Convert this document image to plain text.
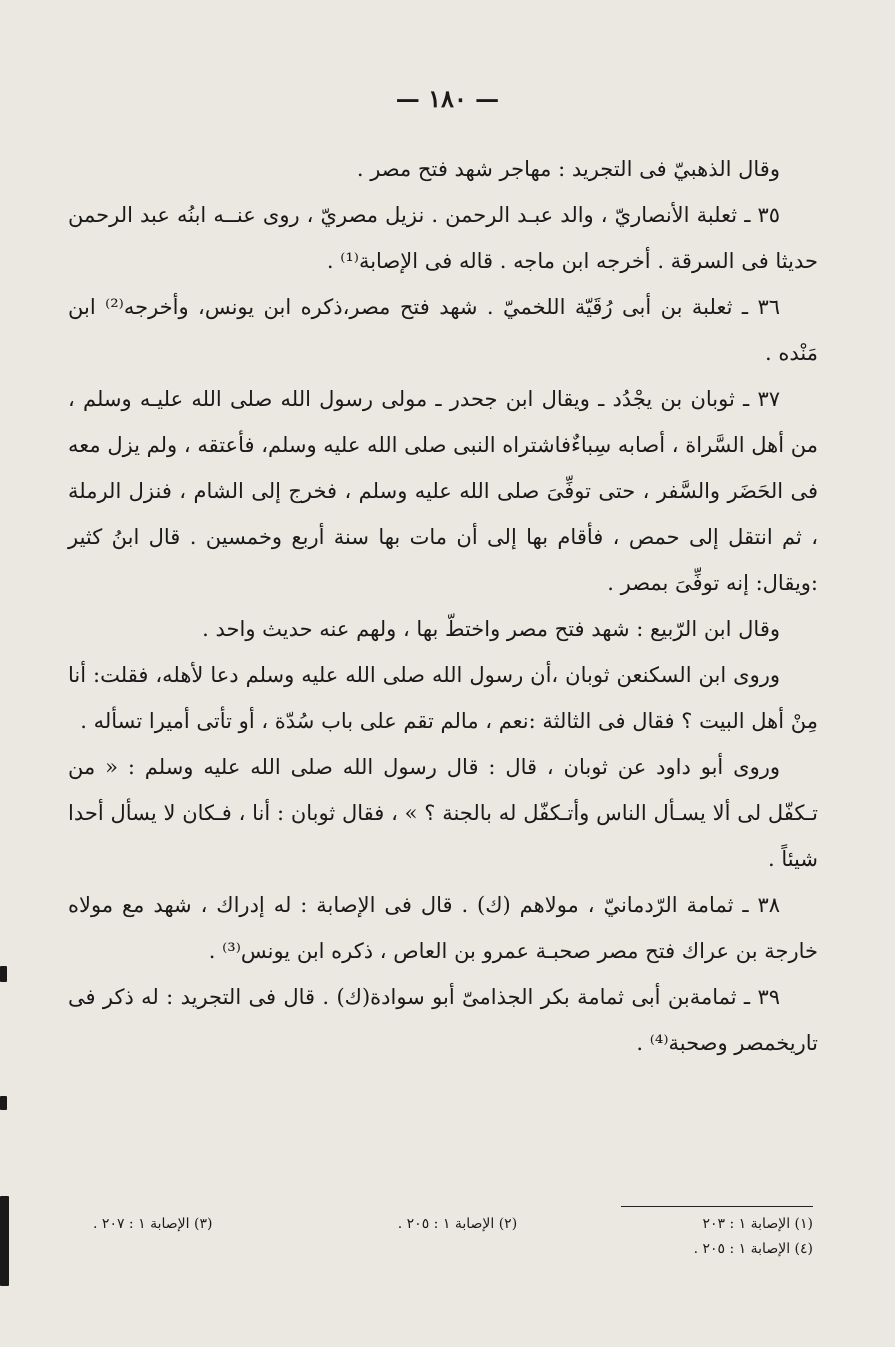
— ١٨٠ —

وقال الذهبيّ فى التجريد : مهاجر شهد فتح مصر .

٣٥ ـ ثعلبة الأنصاريّ ، والد عبـد الرحمن . نزيل مصريّ ، روى عنــه ابنُه عبد الرحمن حديثا فى السرقة . أخرجه ابن ماجه . قاله فى الإصابة⁽¹⁾ .

٣٦ ـ ثعلبة بن أبى رُقَيّة اللخميّ . شهد فتح مصر،ذكره ابن يونس، وأخرجه⁽²⁾ ابن مَنْده .

٣٧ ـ ثوبان بن يجْدُد ـ ويقال ابن جحدر ـ مولى رسول الله صلى الله عليـه وسلم ، من أهل السَّراة ، أصابه سِباءٌفاشتراه النبى صلى الله عليه وسلم، فأعتقه ، ولم يزل معه فى الحَضَر والسَّفر ، حتى توفِّىَ صلى الله عليه وسلم ، فخرج إلى الشام ، فنزل الرملة ، ثم انتقل إلى حمص ، فأقام بها إلى أن مات بها سنة أربع وخمسين . قال ابنُ كثير :ويقال: إنه توفِّىَ بمصر .

وقال ابن الرّبيع : شهد فتح مصر واختطّ بها ، ولهم عنه حديث واحد .

وروى ابن السكنعن ثوبان ،أن رسول الله صلى الله عليه وسلم دعا لأهله، فقلت: أنا مِنْ أهل البيت ؟ فقال فى الثالثة :نعم ، مالم تقم على باب سُدّة ، أو تأتى أميرا تسأله .

وروى أبو داود عن ثوبان ، قال : قال رسول الله صلى الله عليه وسلم : « من تـكفّل لى ألا يسـأل الناس وأتـكفّل له بالجنة ؟ » ، فقال ثوبان : أنا ، فـكان لا يسأل أحدا شيئاً .

٣٨ ـ ثمامة الرّدمانيّ ، مولاهم (ك) . قال فى الإصابة : له إدراك ، شهد مع مولاه خارجة بن عراك فتح مصر صحبـة عمرو بن العاص ، ذكره ابن يونس⁽³⁾ .

٣٩ ـ ثمامةبن أبى ثمامة بكر الجذامىّ أبو سوادة(ك) . قال فى التجريد : له ذكر فى تاريخمصر وصحبة⁽⁴⁾ .

(١) الإصابة ١ : ٢٠٣
(٢) الإصابة ١ : ٢٠٥ .
(٣) الإصابة ١ : ٢٠٧ .
(٤) الإصابة ١ : ٢٠٥ .
